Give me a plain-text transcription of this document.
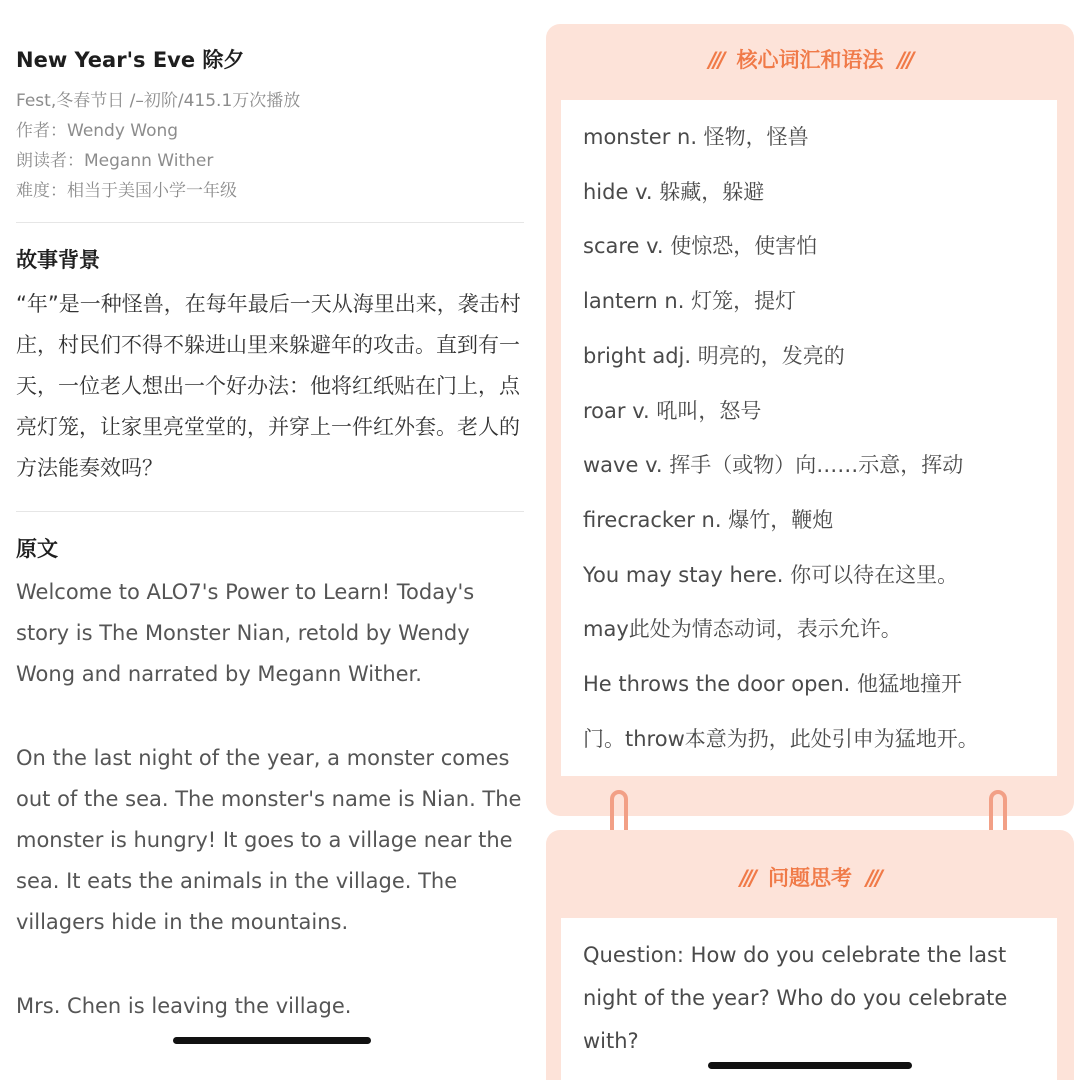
New Year's Eve 除夕
Fest,冬春节日 /–初阶/415.1万次播放
作者：Wendy Wong
朗读者：Megann Wither
难度：相当于美国小学一年级
故事背景
“年”是一种怪兽，在每年最后一天从海里出来，袭击村庄，村民们不得不躲进山里来躲避年的攻击。直到有一天，一位老人想出一个好办法：他将红纸贴在门上，点亮灯笼，让家里亮堂堂的，并穿上一件红外套。老人的方法能奏效吗？
原文
Welcome to ALO7's Power to Learn! Today's story is The Monster Nian, retold by Wendy Wong and narrated by Megann Wither.
On the last night of the year, a monster comes out of the sea. The monster's name is Nian. The monster is hungry! It goes to a village near the sea. It eats the animals in the village. The villagers hide in the mountains.
Mrs. Chen is leaving the village.
/// 核心词汇和语法 ///
monster n. 怪物，怪兽
hide v. 躲藏，躲避
scare v. 使惊恐，使害怕
lantern n. 灯笼，提灯
bright adj. 明亮的，发亮的
roar v. 吼叫，怒号
wave v. 挥手（或物）向……示意，挥动
firecracker n. 爆竹，鞭炮
You may stay here. 你可以待在这里。
may此处为情态动词，表示允许。
He throws the door open. 他猛地撞开
门。throw本意为扔，此处引申为猛地开。
/// 问题思考 ///
Question: How do you celebrate the last night of the year? Who do you celebrate with?
